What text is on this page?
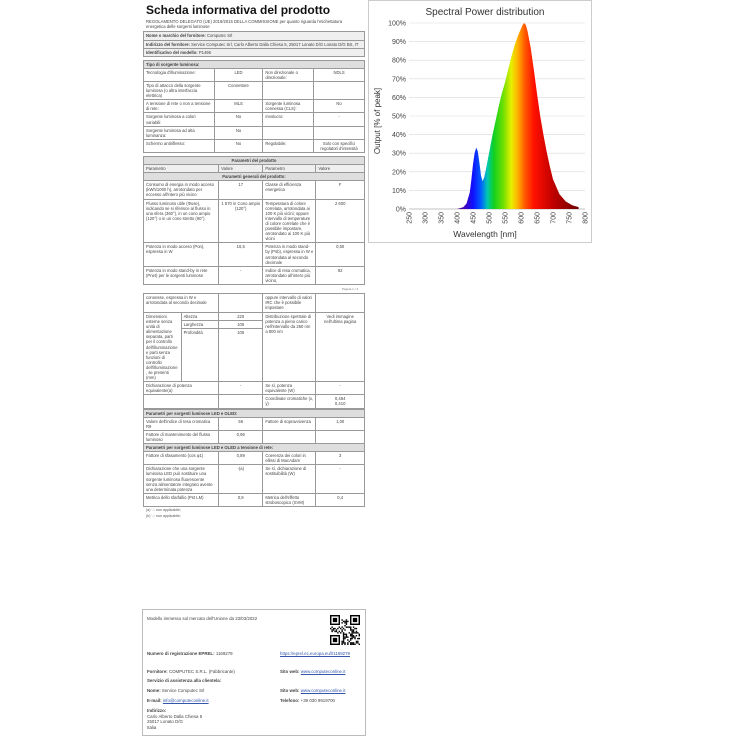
Scheda informativa del prodotto
REGOLAMENTO DELEGATO (UE) 2019/2015 DELLA COMMISSIONE per quanto riguarda l'etichettatura energetica delle sorgenti luminose
Nome o marchio del fornitore: Computec Srl
Indirizzo del fornitore: Service Computec Srl, Carlo Alberto Dalla Chiesa 5, 25017 Lonato D/G Lonato D/G BS, IT
Identificativo del modello: P1496
Tipo di sorgente luminosa:			
Tecnologia d'illuminazione:	LED	Non direzionale o direzionale:	NDLS
Tipo di attacco della sorgente luminosa (o altra interfaccia elettrica)	Connettore		
A tensione di rete o non a tensione di rete:	MLS	Sorgente luminosa connessa (CLS):	No
Sorgente luminosa a colori variabili:	No	Involucro:	-
Sorgente luminosa ad alta luminanza:	No		
Schermo antiriflesso:	No	Regolabile:	Solo con specifici regolatori d'intensità
Parametri del prodotto			
Parametro	Valore	Parametro	Valore
Parametri generali del prodotto:			
Consumo di energia in modo acceso (kWh/1000 h), arrotondato per eccesso all'intero più vicino	17	Classe di efficienza energetica	F
Flusso luminoso utile (Φuse), indicando se si riferisce al flusso in una sfera (360°), in un cono ampio (120°) o in un cono stretto (90°)	1 570 in Cono ampio (120°)	Temperatura di colore correlata, arrotondata ai 100 K più vicini; oppure intervallo di temperature di colore correlate che è possibile impostare, arrotondato ai 100 K più vicini	2 600
Potenza in modo acceso (Pon), espressa in W	16,5	Potenza in modo stand-by (Psb), espressa in W e arrotondata al secondo decimale	0,50
Potenza in modo stand-by in rete (Pnet) per le sorgenti luminose	-	Indice di resa cromatica, arrotondato all'intero più vicino,	92
Pagina 1 / 4
connesse, espressa in W e arrotondata al secondo decimale			oppure intervallo di valori IRC che è possibile impostare	
Dimensioni esterne senza unità di alimentazione separata, parti per il controllo dell'illuminazione e parti senza funzioni di controllo dell'illuminazione, se presenti (mm)	Altezza	220	Distribuzione spettrale di potenza a pieno carico nell'intervallo da 250 nm a 800 nm	Vedi immagine nell'ultima pagina
	Larghezza	105		
	Profondità	105		
Dichiarazione di potenza equivalente(a)		-	Se sì, potenza equivalente (W)	-
			Coordinate cromatiche (x, y)	0,464
0,410
Parametri per sorgenti luminose LED e OLED:			
Valore dell'indice di resa cromatica R9	56	Fattore di sopravvivenza	1,00
Fattore di mantenimento del flusso luminoso	0,96		
Parametri per sorgenti luminose LED e OLED a tensione di rete:			
Fattore di sfasamento (cos φ1)	0,89	Coerenza dei colori in ellissi di MacAdam	3
Dichiarazione che una sorgente luminosa LED può sostituire una sorgente luminosa fluorescente senza alimentatore integrato avente una determinata potenza	-(a)	Se sì, dichiarazione di sostituibilità (W)	-
Metrica dello sfarfallio (Pst LM)	0,9	Metrica dell'effetto stroboscopico (SVM)	0,4
(a) '-': non applicabile;
(b) '-': non applicabile;
Modello immesso sul mercato dell'Unione da 23/03/2022
Numero di registrazione EPREL: 1169279	https://eprel.ec.europa.eu/l/1169279
Fornitore: COMPUTEC S.R.L. (Fabbricante)	Sito web: www.computeconline.it
Servizio di assistenza alla clientela:
Nome: Service Computec Srl	Sito web: www.computeconline.it
E-mail: info@computeconline.it	Telefono: +39 030 9919700
Indirizzo:
Carlo Alberto Dalla Chiesa 5
25017 Lonato D/G
Italia
250 300 350 400 450 500 550 600 650 700 750 800
0%
10%
20%
30%
40%
50%
60%
70%
80%
90%
100%
Spectral Power distribution
Wavelength [nm]
Output [% of peak]
